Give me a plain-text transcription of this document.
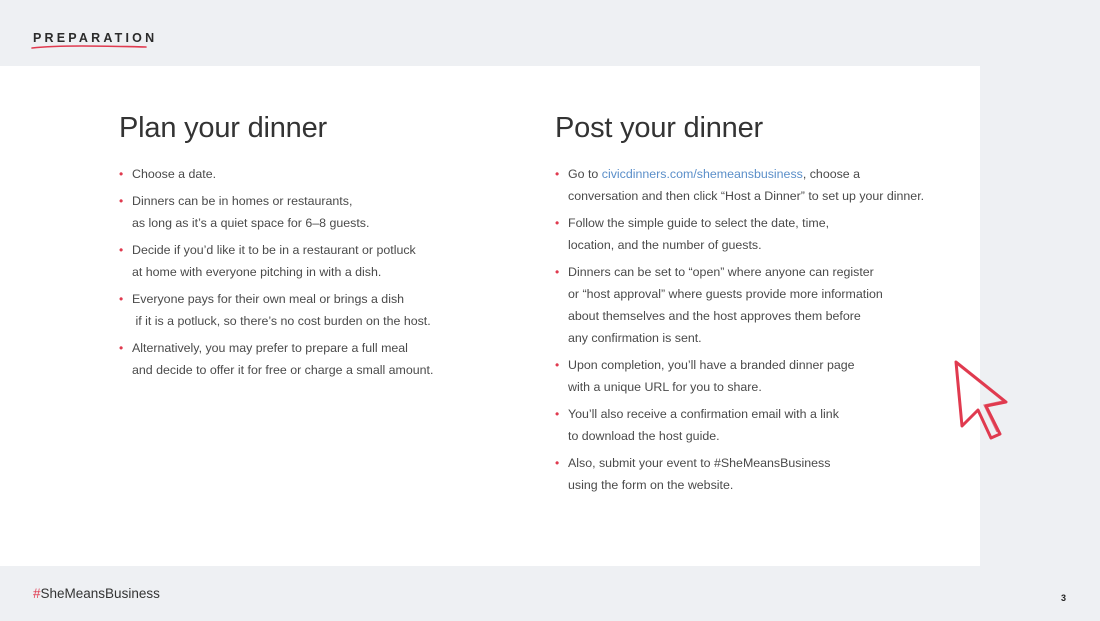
PREPARATION
Plan your dinner
• Choose a date.
• Dinners can be in homes or restaurants,
as long as it’s a quiet space for 6–8 guests.
• Decide if you’d like it to be in a restaurant or potluck
at home with everyone pitching in with a dish.
• Everyone pays for their own meal or brings a dish
if it is a potluck, so there’s no cost burden on the host.
• Alternatively, you may prefer to prepare a full meal
and decide to offer it for free or charge a small amount.
Post your dinner
• Go to civicdinners.com/shemeansbusiness, choose a
conversation and then click “Host a Dinner” to set up your dinner.
• Follow the simple guide to select the date, time,
location, and the number of guests.
• Dinners can be set to “open” where anyone can register
or “host approval” where guests provide more information
about themselves and the host approves them before
any confirmation is sent.
• Upon completion, you’ll have a branded dinner page
with a unique URL for you to share.
• You’ll also receive a confirmation email with a link
to download the host guide.
• Also, submit your event to #SheMeansBusiness
using the form on the website.
#SheMeansBusiness	3
